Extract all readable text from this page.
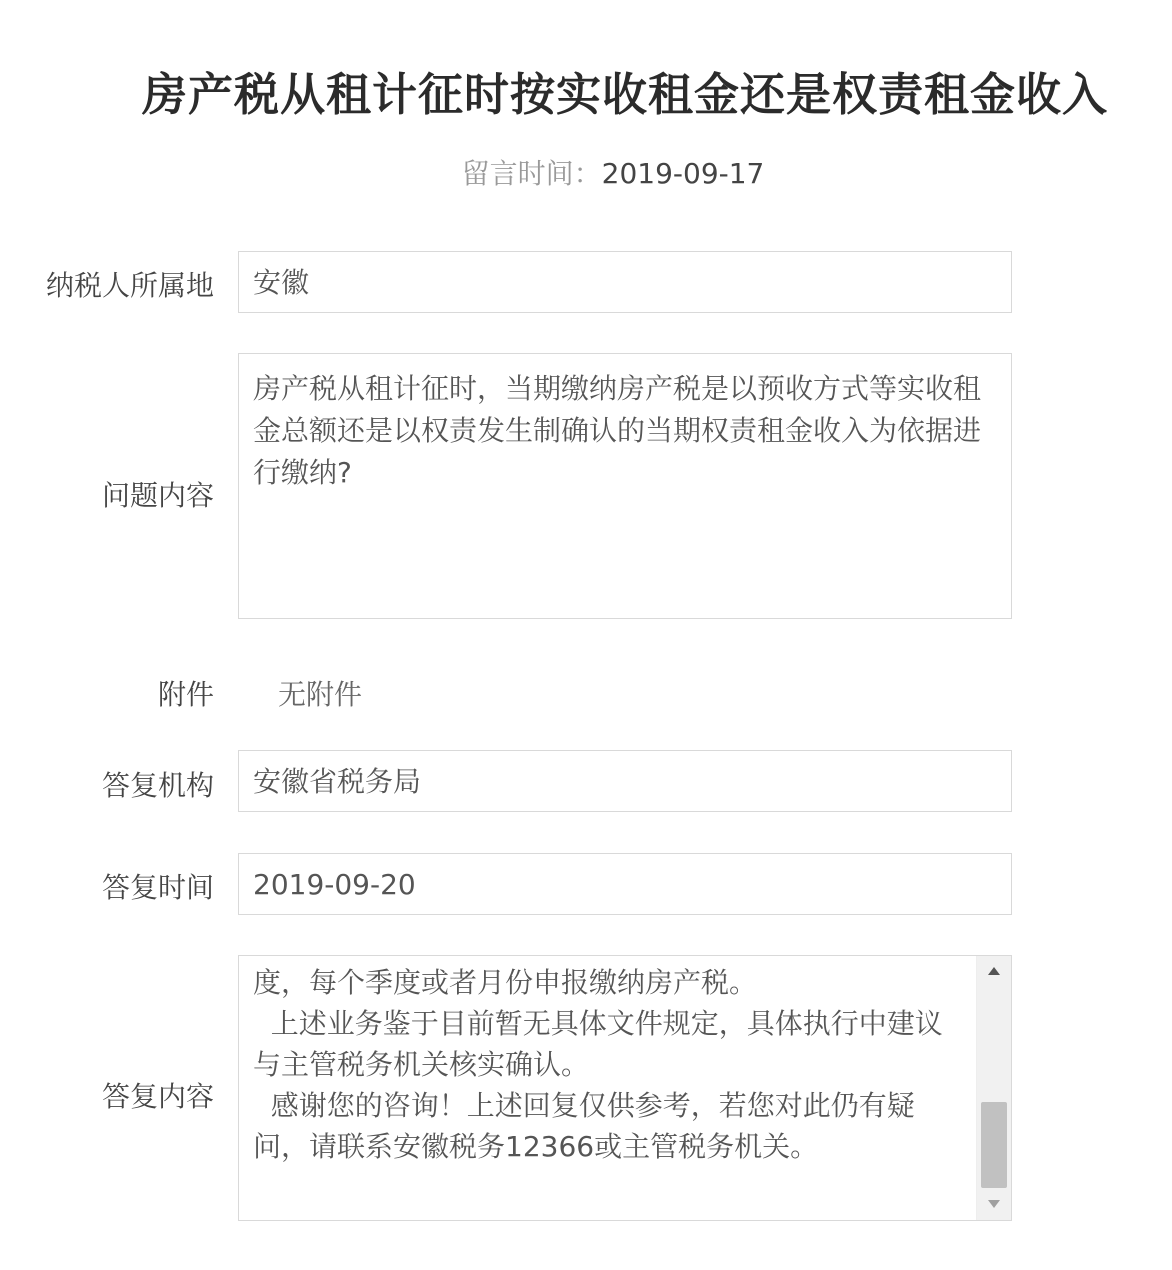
房产税从租计征时按实收租金还是权责租金收入
留言时间：2019-09-17
纳税人所属地	安徽
问题内容
房产税从租计征时，当期缴纳房产税是以预收方式等实收租金总额还是以权责发生制确认的当期权责租金收入为依据进行缴纳?
附件 无附件
答复机构	安徽省税务局
答复时间	2019-09-20
答复内容
度，每个季度或者月份申报缴纳房产税。
上述业务鉴于目前暂无具体文件规定，具体执行中建议
与主管税务机关核实确认。
感谢您的咨询！上述回复仅供参考，若您对此仍有疑
问，请联系安徽税务12366或主管税务机关。
